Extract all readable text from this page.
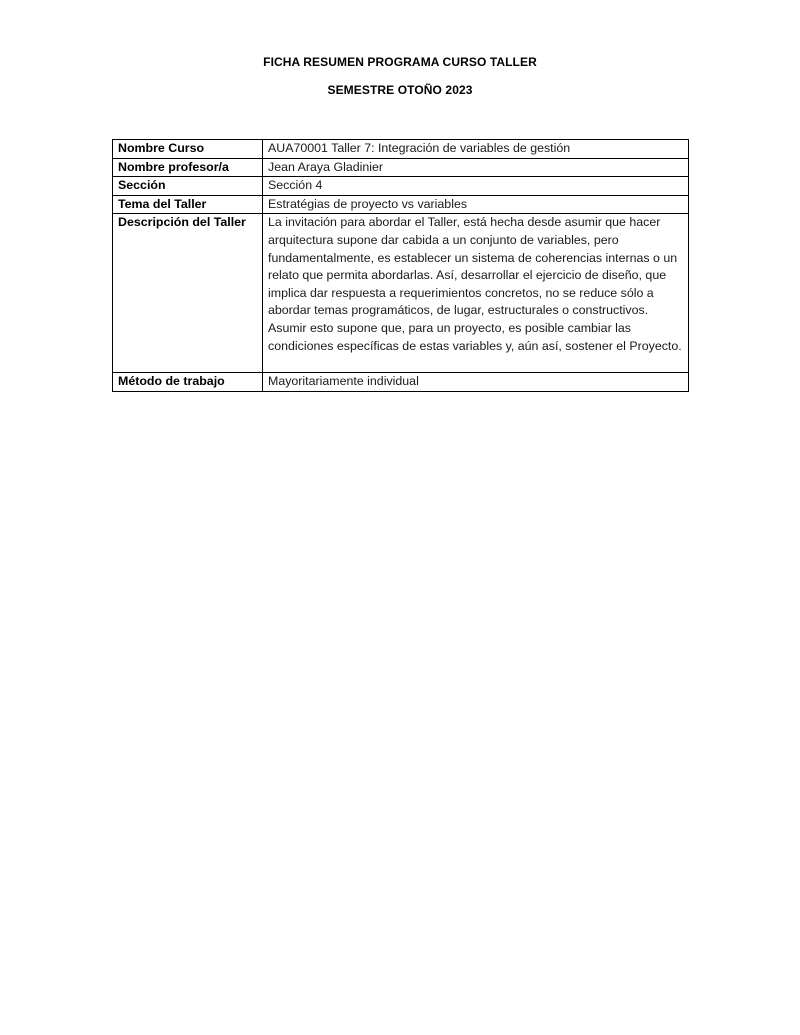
FICHA RESUMEN PROGRAMA CURSO TALLER
SEMESTRE OTOÑO 2023
Nombre Curso	AUA70001 Taller 7: Integración de variables de gestión
Nombre profesor/a	Jean Araya Gladinier
Sección	Sección 4
Tema del Taller	Estratégias de proyecto vs variables
Descripción del Taller	La invitación para abordar el Taller, está hecha desde asumir que hacer arquitectura supone dar cabida a un conjunto de variables, pero fundamentalmente, es establecer un sistema de coherencias internas o un relato que permita abordarlas. Así, desarrollar el ejercicio de diseño, que implica dar respuesta a requerimientos concretos, no se reduce sólo a abordar temas programáticos, de lugar, estructurales o constructivos. Asumir esto supone que, para un proyecto, es posible cambiar las condiciones específicas de estas variables y, aún así, sostener el Proyecto.
Método de trabajo	Mayoritariamente individual
